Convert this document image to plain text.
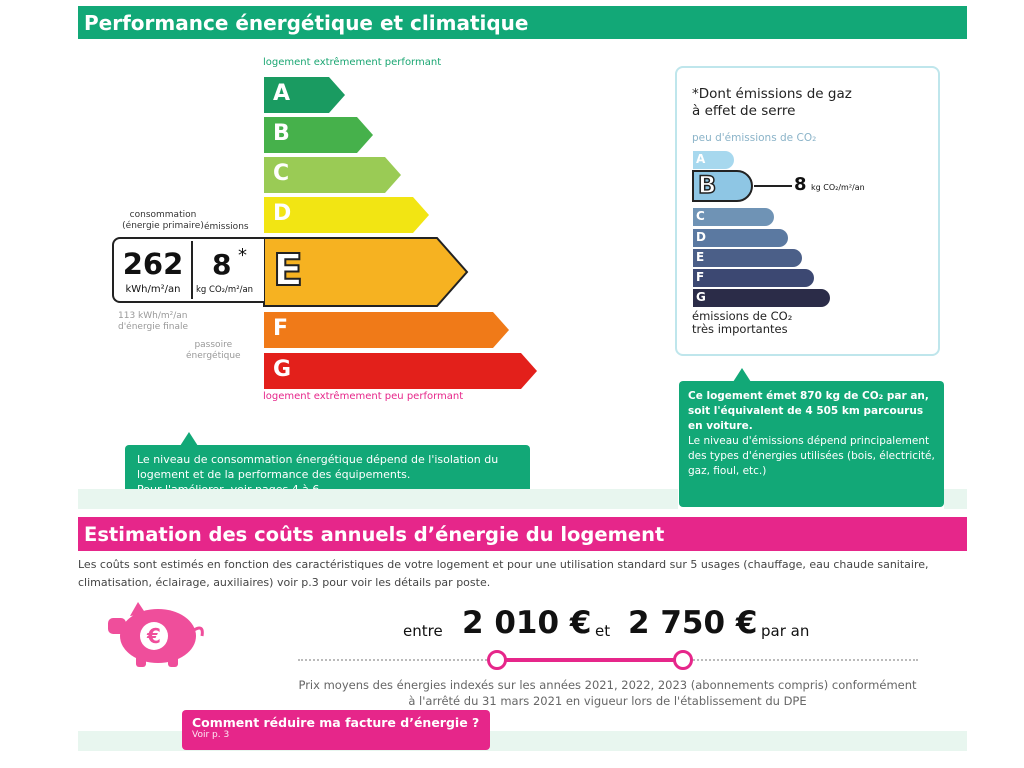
Performance énergétique et climatique
logement extrêmement performant
A
B
C
D
E
F
G
consommation
(énergie primaire) émissions
262
kWh/m²/an
8 *
kg CO₂/m²/an
113 kWh/m²/an
d'énergie finale
passoire
énergétique
logement extrêmement peu performant
Le niveau de consommation énergétique dépend de l'isolation du logement et de la performance des équipements.

*Dont émissions de gaz
à effet de serre
peu d'émissions de CO₂
A
B
C
D
E
F
G
8 kg CO₂/m²/an
émissions de CO₂
très importantes
Ce logement émet 870 kg de CO₂ par an, soit l'équivalent de 4 505 km parcourus en voiture.
Le niveau d'émissions dépend principalement des types d'énergies utilisées (bois, électricité, gaz, fioul, etc.)
Estimation des coûts annuels d’énergie du logement
Les coûts sont estimés en fonction des caractéristiques de votre logement et pour une utilisation standard sur 5 usages (chauffage, eau chaude sanitaire, climatisation, éclairage, auxiliaires) voir p.3 pour voir les détails par poste.
€	entre 2 010 € et 2 750 € par an
Prix moyens des énergies indexés sur les années 2021, 2022, 2023 (abonnements compris) conformément
à l'arrêté du 31 mars 2021 en vigueur lors de l'établissement du DPE
Comment réduire ma facture d’énergie ?
Voir p. 3
